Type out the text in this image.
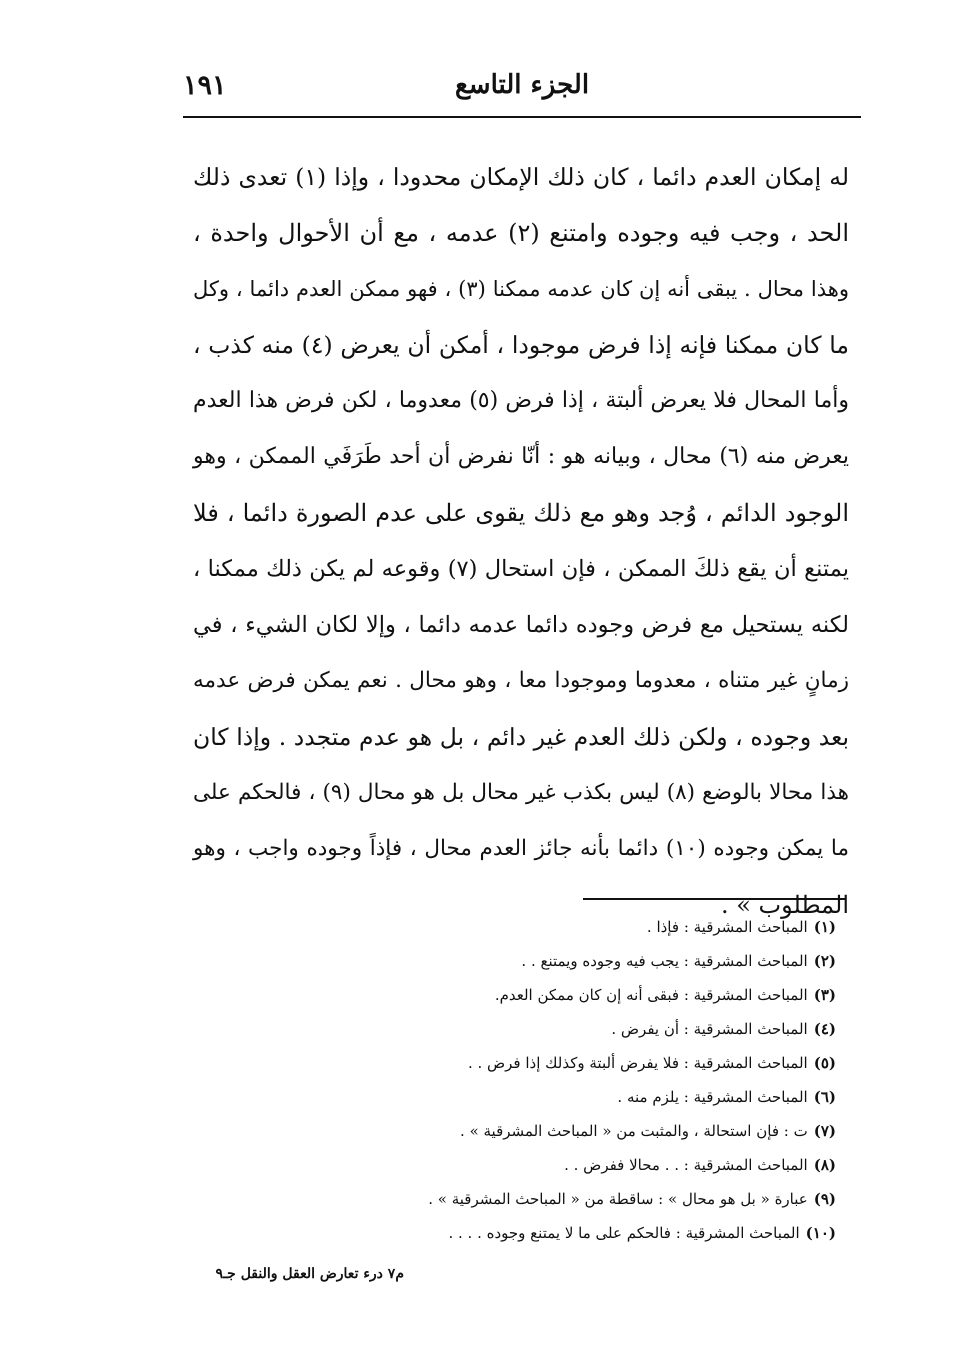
١٩١	الجزء التاسع
له إمكان العدم دائما ، كان ذلك الإمكان محدودا ، وإذا (١) تعدى ذلك
الحد ، وجب فيه وجوده وامتنع (٢) عدمه ، مع أن الأحوال واحدة ،
وهذا محال . يبقى أنه إن كان عدمه ممكنا (٣) ، فهو ممكن العدم دائما ، وكل
ما كان ممكنا فإنه إذا فرض موجودا ، أمكن أن يعرض (٤) منه كذب ،
وأما المحال فلا يعرض ألبتة ، إذا فرض (٥) معدوما ، لكن فرض هذا العدم
يعرض منه (٦) محال ، وبيانه هو : أنّا نفرض أن أحد طَرَفَي الممكن ، وهو
الوجود الدائم ، وُجد وهو مع ذلك يقوى على عدم الصورة دائما ، فلا
يمتنع أن يقع ذلكَ الممكن ، فإن استحال (٧) وقوعه لم يكن ذلك ممكنا ،
لكنه يستحيل مع فرض وجوده دائما عدمه دائما ، وإلا لكان الشيء ، في
زمانٍ غير متناه ، معدوما وموجودا معا ، وهو محال . نعم يمكن فرض عدمه
بعد وجوده ، ولكن ذلك العدم غير دائم ، بل هو عدم متجدد . وإذا كان
هذا محالا بالوضع (٨) ليس بكذب غير محال بل هو محال (٩) ، فالحكم على
ما يمكن وجوده (١٠) دائما بأنه جائز العدم محال ، فإذاً وجوده واجب ، وهو
المطلوب » .
(١)المباحث المشرقية : فإذا .
(٢)المباحث المشرقية : يجب فيه وجوده ويمتنع . .
(٣)المباحث المشرقية : فبقى أنه إن كان ممكن العدم.
(٤)المباحث المشرقية : أن يفرض .
(٥)المباحث المشرقية : فلا يفرض ألبتة وكذلك إذا فرض . .
(٦)المباحث المشرقية : يلزم منه .
(٧)ت : فإن استحالة ، والمثبت من « المباحث المشرقية » .
(٨)المباحث المشرقية : . . محالا ففرض . .
(٩)عبارة « بل هو محال » : ساقطة من « المباحث المشرقية » .
(١٠)المباحث المشرقية : فالحكم على ما لا يمتنع وجوده . . . .
م٧ درء تعارض العقل والنقل جـ٩
